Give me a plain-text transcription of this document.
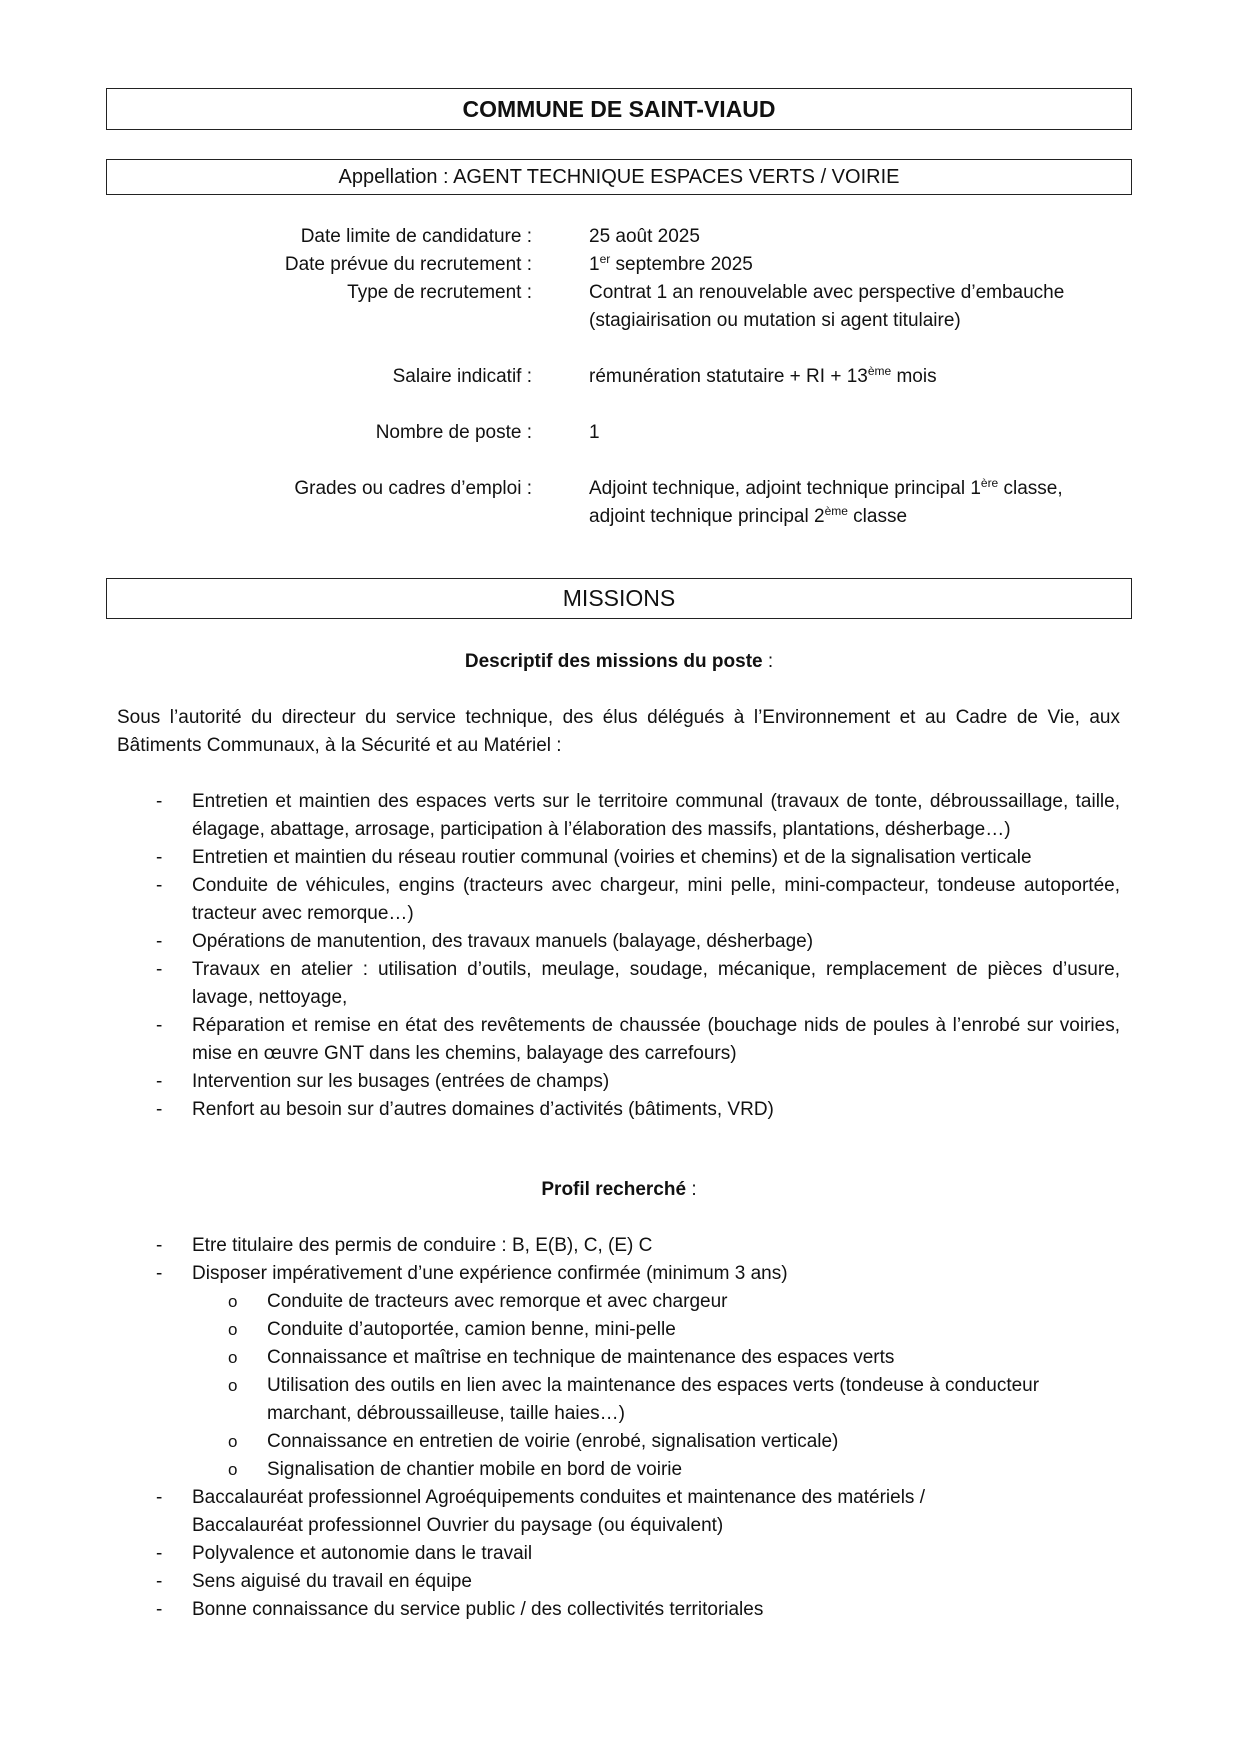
COMMUNE DE SAINT-VIAUD
Appellation : AGENT TECHNIQUE ESPACES VERTS / VOIRIE
Date limite de candidature :	25 août 2025
Date prévue du recrutement :	1er septembre 2025
Type de recrutement :	Contrat 1 an renouvelable avec perspective d’embauche
(stagiairisation ou mutation si agent titulaire)
Salaire indicatif :	rémunération statutaire + RI + 13ème mois
Nombre de poste :	1
Grades ou cadres d’emploi :	Adjoint technique, adjoint technique principal 1ère classe,
adjoint technique principal 2ème classe
MISSIONS
Descriptif des missions du poste :
Sous l’autorité du directeur du service technique, des élus délégués à l’Environnement et au Cadre de Vie, aux Bâtiments Communaux, à la Sécurité et au Matériel :
- Entretien et maintien des espaces verts sur le territoire communal (travaux de tonte, débroussaillage, taille, élagage, abattage, arrosage, participation à l’élaboration des massifs, plantations, désherbage…)
- Entretien et maintien du réseau routier communal (voiries et chemins) et de la signalisation verticale
- Conduite de véhicules, engins (tracteurs avec chargeur, mini pelle, mini-compacteur, tondeuse autoportée, tracteur avec remorque…)
- Opérations de manutention, des travaux manuels (balayage, désherbage)
- Travaux en atelier : utilisation d’outils, meulage, soudage, mécanique, remplacement de pièces d’usure, lavage, nettoyage,
- Réparation et remise en état des revêtements de chaussée (bouchage nids de poules à l’enrobé sur voiries, mise en œuvre GNT dans les chemins, balayage des carrefours)
- Intervention sur les busages (entrées de champs)
- Renfort au besoin sur d’autres domaines d’activités (bâtiments, VRD)
Profil recherché :
- Etre titulaire des permis de conduire : B, E(B), C, (E) C
- Disposer impérativement d’une expérience confirmée (minimum 3 ans)
o Conduite de tracteurs avec remorque et avec chargeur
o Conduite d’autoportée, camion benne, mini-pelle
o Connaissance et maîtrise en technique de maintenance des espaces verts
o Utilisation des outils en lien avec la maintenance des espaces verts (tondeuse à conducteur marchant, débroussailleuse, taille haies…)
o Connaissance en entretien de voirie (enrobé, signalisation verticale)
o Signalisation de chantier mobile en bord de voirie
- Baccalauréat professionnel Agroéquipements conduites et maintenance des matériels /
Baccalauréat professionnel Ouvrier du paysage (ou équivalent)
- Polyvalence et autonomie dans le travail
- Sens aiguisé du travail en équipe
- Bonne connaissance du service public / des collectivités territoriales
